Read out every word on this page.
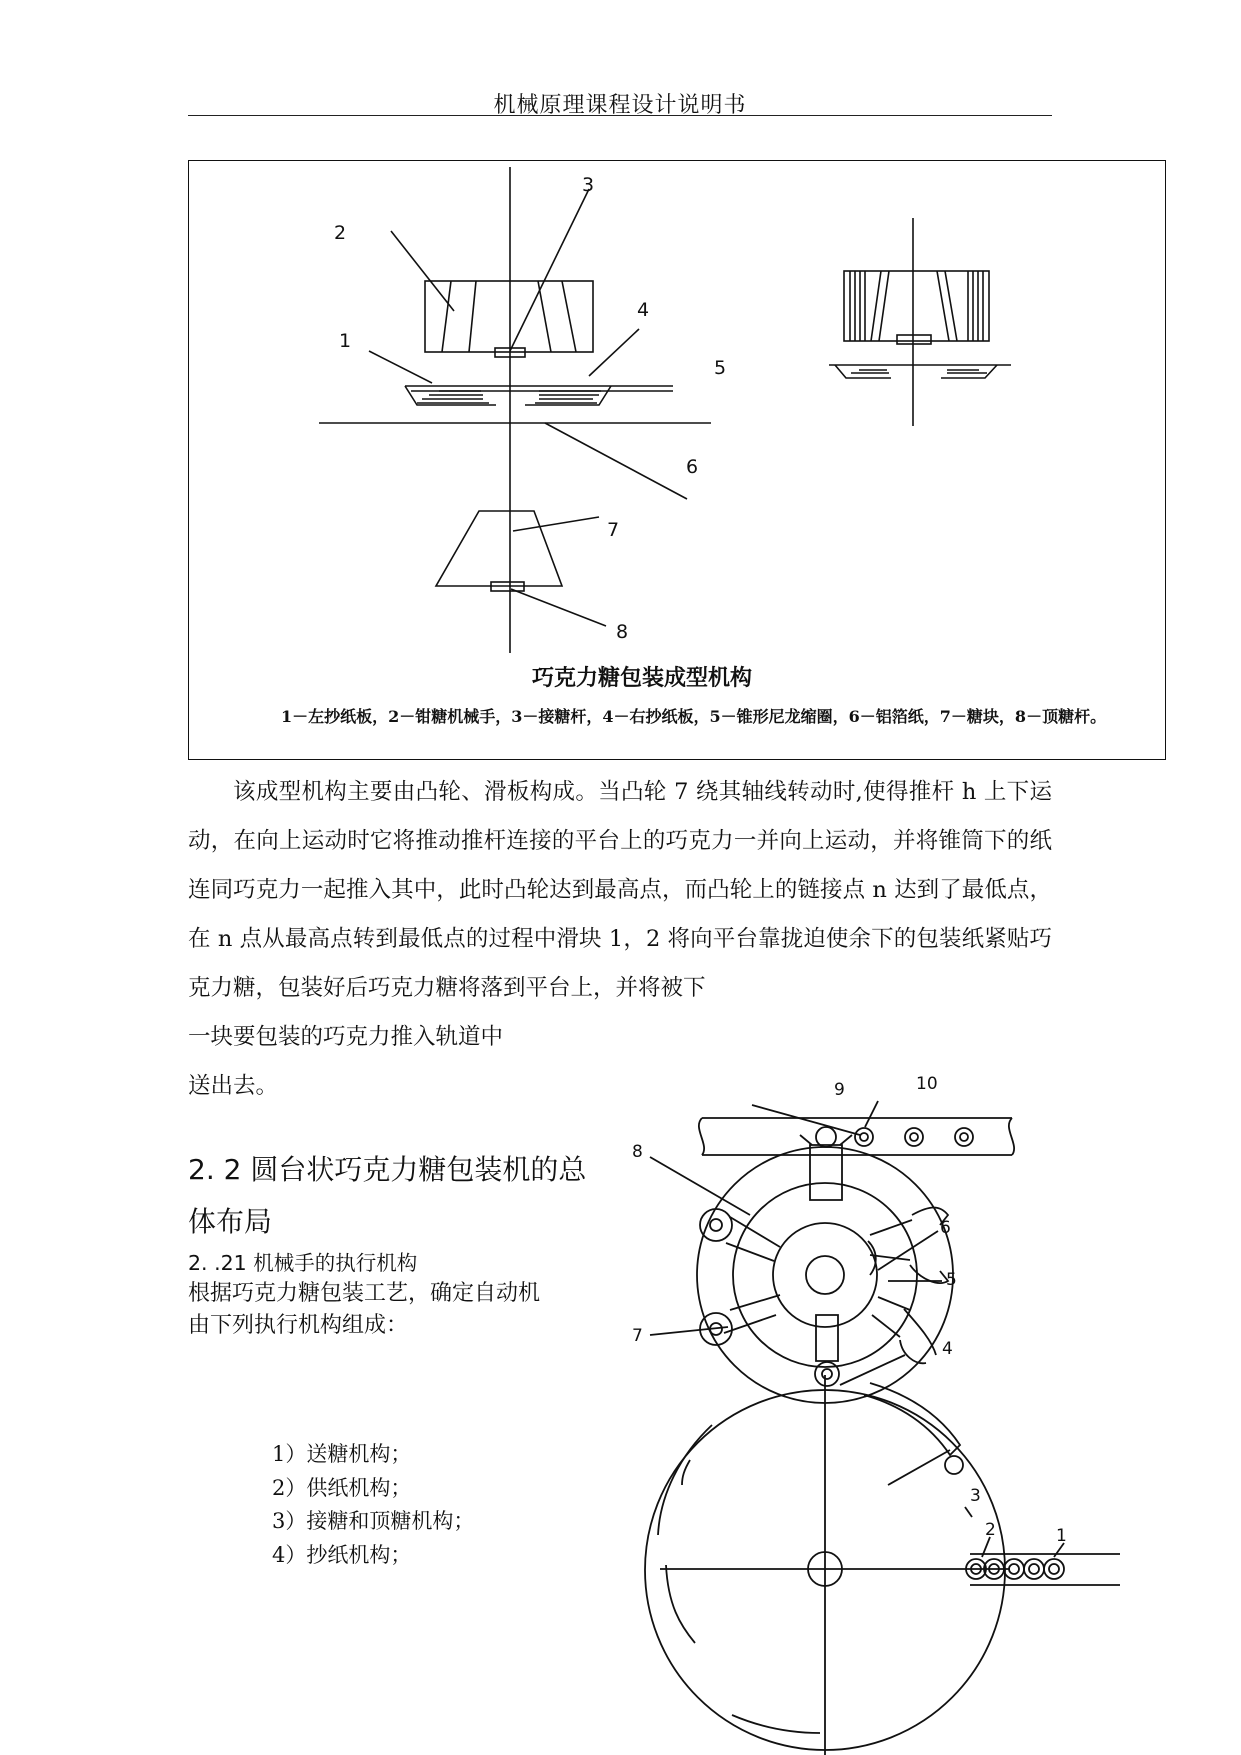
机械原理课程设计说明书
2
3
4
1
5
6
7
8
巧克力糖包装成型机构
1－左抄纸板，2－钳糖机械手，3－接糖杆，4－右抄纸板，5－锥形尼龙缩圈，6－铝箔纸，7－糖块，8－顶糖杆。

该成型机构主要由凸轮、滑板构成。当凸轮 7 绕其轴线转动时,使得推杆 h 上下运动，在向上运动时它将推动推杆连接的平台上的巧克力一并向上运动，并将锥筒下的纸连同巧克力一起推入其中，此时凸轮达到最高点，而凸轮上的链接点 n 达到了最低点，在 n 点从最高点转到最低点的过程中滑块 1，2 将向平台靠拢迫使余下的包装纸紧贴巧克力糖，包装好后巧克力糖将落到平台上，并将被下

一块要包装的巧克力推入轨道中
送出去。
2. 2 圆台状巧克力糖包装机的总体布局
2. .21 机械手的执行机构
根据巧克力糖包装工艺，确定自动机由下列执行机构组成：
1）送糖机构；
2）供纸机构；
3）接糖和顶糖机构；
4）抄纸机构；
1
2
3
4
5
6
7
8
9	10
